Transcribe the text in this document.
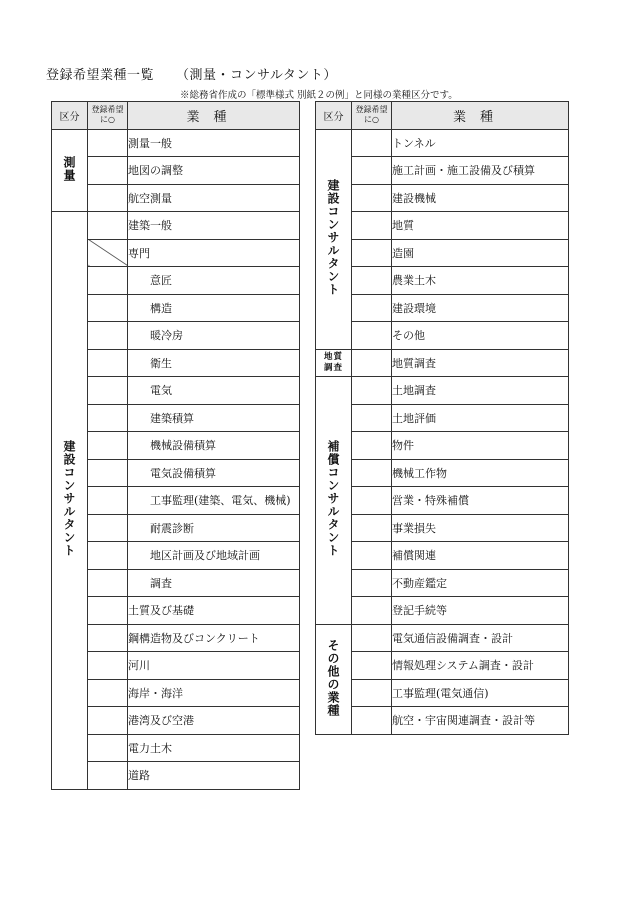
登録希望業種一覧 （測量・コンサルタント）
※総務省作成の「標準様式 別紙２の例」と同様の業種区分です。
区分	登録希望に○	業種
測量		測量一般
		地図の調整
		航空測量
建設コンサルタント		建築一般
		専門
		意匠
		構造
		暖冷房
		衛生
		電気
		建築積算
		機械設備積算
		電気設備積算
		工事監理(建築、電気、機械)
		耐震診断
		地区計画及び地域計画
		調査
		土質及び基礎
		鋼構造物及びコンクリート
		河川
		海岸・海洋
		港湾及び空港
		電力土木
		道路
区分	登録希望に○	業種
建設コンサルタント		トンネル
		施工計画・施工設備及び積算
		建設機械
		地質
		造園
		農業土木
		建設環境
		その他
地質調査		地質調査
補償コンサルタント		土地調査
		土地評価
		物件
		機械工作物
		営業・特殊補償
		事業損失
		補償関連
		不動産鑑定
		登記手続等
その他の業種		電気通信設備調査・設計
		情報処理システム調査・設計
		工事監理(電気通信)
		航空・宇宙関連調査・設計等
